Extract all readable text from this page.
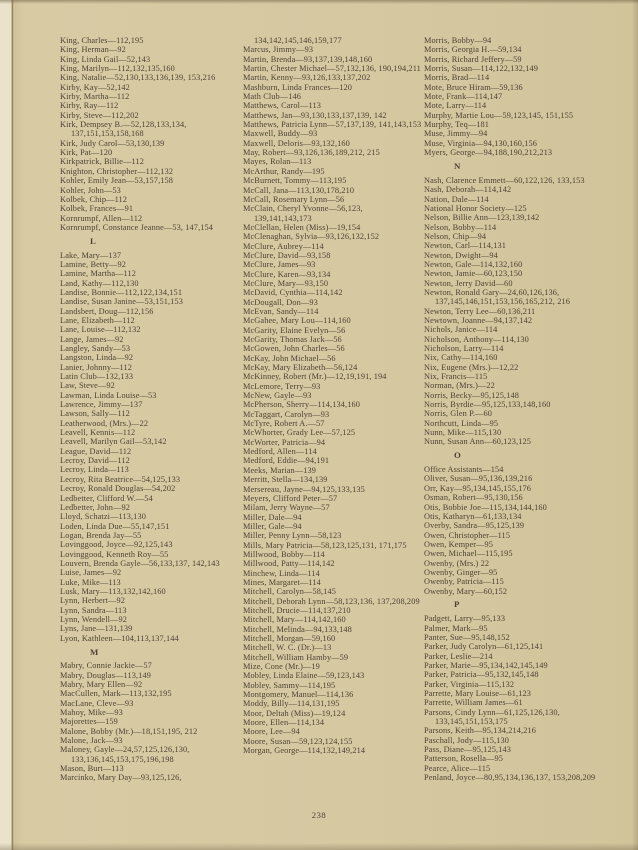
King, Charles—112,195
King, Herman—92
King, Linda Gail—52,143
King, Marilyn—112,132,135,160
King, Natalie—52,130,133,136,139, 153,216
Kirby, Kay—52,142
Kirby, Martha—112
Kirby, Ray—112
Kirby, Steve—112,202
Kirk, Dempsey B.—52,128,133,134, 137,151,153,158,168
Kirk, Judy Carol—53,130,139
Kirk, Pat—120
Kirkpatrick, Billie—112
Knighton, Christopher—112,132
Kohler, Emily Jean—53,157,158
Kohler, John—53
Kolbek, Chip—112
Kolbek, Frances—91
Kornrumpf, Allen—112
Kornrumpf, Constance Jeanne—53, 147,154
L
Lake, Mary—137
Lamine, Betty—92
Lamine, Martha—112
Land, Kathy—112,130
Landise, Bonnie—112,122,134,151
Landise, Susan Janine—53,151,153
Landsbert, Doug—112,156
Lane, Elizabeth—112
Lane, Louise—112,132
Lange, James—92
Langley, Sandy—53
Langston, Linda—92
Lanier, Johnny—112
Latin Club—132,133
Law, Steve—92
Lawman, Linda Louise—53
Lawrence, Jimmy—137
Lawson, Sally—112
Leatherwood, (Mrs.)—22
Leavell, Kennis—112
Leavell, Marilyn Gail—53,142
League, David—112
Lecroy, David—112
Lecroy, Linda—113
Lecroy, Rita Beatrice—54,125,133
Lecroy, Ronald Douglas—54,202
Ledbetter, Clifford W.—54
Ledbetter, John—92
Lloyd, Schatzi—113,130
Loden, Linda Due—55,147,151
Logan, Brenda Jay—55
Lovinggood, Joyce—92,125,143
Lovinggood, Kenneth Roy—55
Louvern, Brenda Gayle—56,133,137, 142,143
Luise, James—92
Luke, Mike—113
Lusk, Mary—113,132,142,160
Lynn, Herbert—92
Lynn, Sandra—113
Lynn, Wendell—92
Lyns, Jane—131,139
Lyon, Kathleen—104,113,137,144
M
Mabry, Connie Jackie—57
Mabry, Douglas—113,149
Mabry, Mary Ellen—92
MacCullen, Mark—113,132,195
MacLane, Cleve—93
Mahoy, Mike—93
Majorettes—159
Malone, Bobby (Mr.)—18,151,195, 212
Malone, Jack—93
Maloney, Gayle—24,57,125,126,130, 133,136,145,153,175,196,198
Mason, Burt—113
Marcinko, Mary Day—93,125,126,
134,142,145,146,159,177
Marcus, Jimmy—93
Martin, Brenda—93,137,139,148,160
Martin, Chester Michael—57,132,136, 190,194,211
Martin, Kenny—93,126,133,137,202
Mashburn, Linda Frances—120
Math Club—146
Matthews, Carol—113
Matthews, Jan—93,130,133,137,139, 142
Matthews, Patricia Lynn—57,137,139, 141,143,153
Maxwell, Buddy—93
Maxwell, Deloris—93,132,160
May, Robert—93,126,136,189,212, 215
Mayes, Rolan—113
McArthur, Randy—195
McBurnett, Tommy—113,195
McCall, Jana—113,130,178,210
McCall, Rosemary Lynn—56
McClain, Cheryl Yvonne—56,123, 139,141,143,173
McClellan, Helen (Miss)—19,154
McClenaghan, Sylvia—93,126,132,152
McClure, Aubrey—114
McClure, David—93,158
McClure, James—93
McClure, Karen—93,134
McClure, Mary—93,150
McDavid, Cynthia—114,142
McDougall, Don—93
McEvan, Sandy—114
McGahee, Mary Lou—114,160
McGarity, Elaine Evelyn—56
McGarity, Thomas Jack—56
McGowen, John Charles—56
McKay, John Michael—56
McKay, Mary Elizabeth—56,124
McKinney, Robert (Mr.)—12,19,191, 194
McLemore, Terry—93
McNew, Gayle—93
McPherson, Sherry—114,134,160
McTaggart, Carolyn—93
McTyre, Robert A.—57
McWhorter, Grady Lee—57,125
McWorter, Patricia—94
Medford, Allen—114
Medford, Eddie—94,191
Meeks, Marian—139
Merritt, Stella—134,139
Mersereau, Jayne—94,125,133,135
Meyers, Clifford Peter—57
Milam, Jerry Wayne—57
Miller, Dale—94
Miller, Gale—94
Miller, Penny Lynn—58,123
Mills, Mary Patricia—58,123,125,131, 171,175
Millwood, Bobby—114
Millwood, Patty—114,142
Minchew, Linda—114
Mines, Margaret—114
Mitchell, Carolyn—58,145
Mitchell, Deborah Lynn—58,123,136, 137,208,209
Mitchell, Drucie—114,137,210
Mitchell, Mary—114,142,160
Mitchell, Melinda—94,133,148
Mitchell, Morgan—59,160
Mitchell, W. C. (Dr.)—13
Mitchell, William Hamby—59
Mize, Cone (Mr.)—19
Mobley, Linda Elaine—59,123,143
Mobley, Sammy—114,195
Montgomery, Manuel—114,136
Moddy, Billy—114,131,195
Moor, Deltah (Miss)—19,124
Moore, Ellen—114,134
Moore, Lee—94
Moore, Susan—59,123,124,155
Morgan, George—114,132,149,214
Morris, Bobby—94
Morris, Georgia H.—59,134
Morris, Richard Jeffery—59
Morris, Susan—114,122,132,149
Morris, Brad—114
Mote, Bruce Hiram—59,136
Mote, Frank—114,147
Mote, Larry—114
Murphy, Martie Lou—59,123,145, 151,155
Murphy, Teq—181
Muse, Jimmy—94
Muse, Virginia—94,130,160,156
Myers, George—94,188,190,212,213
N
Nash, Clarence Emmett—60,122,126, 133,153
Nash, Deborah—114,142
Nation, Dale—114
National Honor Society—125
Nelson, Billie Ann—123,139,142
Nelson, Bobby—114
Nelson, Chip—94
Newton, Carl—114,131
Newton, Dwight—94
Newton, Gale—114,132,160
Newton, Jamie—60,123,150
Newton, Jerry David—60
Newton, Ronald Gary—24,60,126,136, 137,145,146,151,153,156,165,212, 216
Newton, Terry Lee—60,136,211
Newtown, Joanne—94,137,142
Nichols, Janice—114
Nicholson, Anthony—114,130
Nicholson, Larry—114
Nix, Cathy—114,160
Nix, Eugene (Mrs.)—12,22
Nix, Francis—115
Norman, (Mrs.)—22
Norris, Becky—95,125,148
Norris, Byrdie—95,125,133,148,160
Norris, Glen P.—60
Northcutt, Linda—95
Nunn, Mike—115,130
Nunn, Susan Ann—60,123,125
O
Office Assistants—154
Oliver, Susan—95,136,139,216
Orr, Kay—95,134,145,155,176
Osman, Robert—95,130,156
Otis, Bobbie Joe—115,134,144,160
Otis, Katharyn—61,133,134
Overby, Sandra—95,125,139
Owen, Christopher—115
Owen, Kemper—95
Owen, Michael—115,195
Owenby, (Mrs.) 22
Owenby, Ginger—95
Owenby, Patricia—115
Owenby, Mary—60,152
P
Padgett, Larry—95,133
Palmer, Mark—95
Panter, Sue—95,148,152
Parker, Judy Carolyn—61,125,141
Parker, Leslie—214
Parker, Marie—95,134,142,145,149
Parker, Patricia—95,132,145,148
Parker, Virginia—115,132
Parrette, Mary Louise—61,123
Parrette, William James—61
Parsons, Cindy Lynn—61,125,126,130, 133,145,151,153,175
Parsons, Keith—95,134,214,216
Paschall, Jody—115,130
Pass, Diane—95,125,143
Patterson, Rosella—95
Pearce, Alice—115
Penland, Joyce—80,95,134,136,137, 153,208,209
238
